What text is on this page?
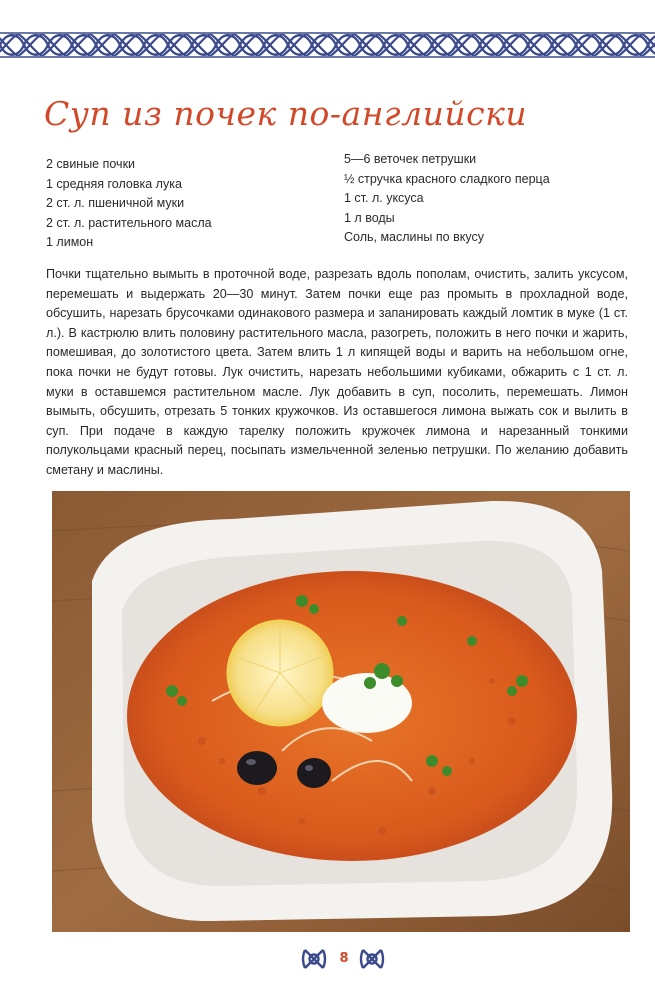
Суп из почек по-английски
2 свиные почки
1 средняя головка лука
2 ст. л. пшеничной муки
2 ст. л. растительного масла
1 лимон
5—6 веточек петрушки
½ стручка красного сладкого перца
1 ст. л. уксуса
1 л воды
Соль, маслины по вкусу

Почки тщательно вымыть в проточной воде, разрезать вдоль пополам, очистить, залить уксусом, перемешать и выдержать 20—30 минут. Затем почки еще раз промыть в прохладной воде, обсушить, нарезать брусочками одинакового размера и запанировать каждый ломтик в муке (1 ст. л.). В кастрюлю влить половину растительного масла, разогреть, положить в него почки и жарить, помешивая, до золотистого цвета. Затем влить 1 л кипящей воды и варить на небольшом огне, пока почки не будут готовы. Лук очистить, нарезать небольшими кубиками, обжарить с 1 ст. л. муки в оставшемся растительном масле. Лук добавить в суп, посолить, перемешать. Лимон вымыть, обсушить, отрезать 5 тонких кружочков. Из оставшегося лимона выжать сок и вылить в суп. При подаче в каждую тарелку положить кружочек лимона и нарезанный тонкими полукольцами красный перец, посыпать измельченной зеленью петрушки. По желанию добавить сметану и маслины.

8
